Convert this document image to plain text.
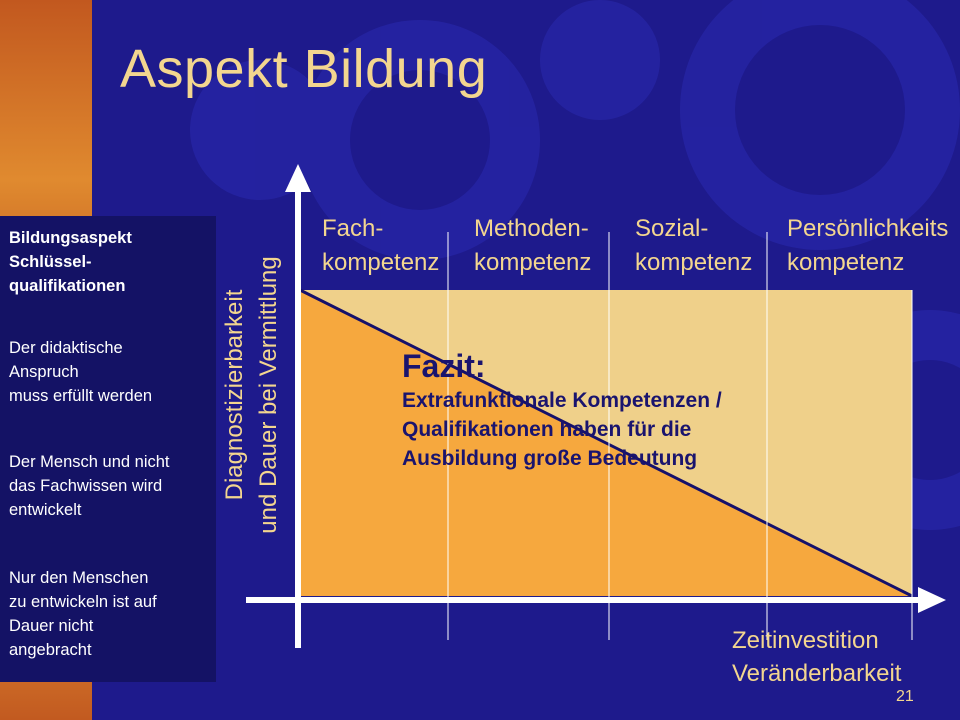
Aspekt Bildung
Fach-
kompetenz
Methoden-
kompetenz
Sozial-
kompetenz
Persönlichkeits
kompetenz
Diagnostizierbarkeit und Dauer bei Vermittlung	Fazit:
Extrafunktionale Kompetenzen /
Qualifikationen haben für die
Ausbildung große Bedeutung
Zeitinvestition
Veränderbarkeit
Bildungsaspekt
Schlüssel-
qualifikationen
Der didaktische
Anspruch
muss erfüllt werden
Der Mensch und nicht
das Fachwissen wird
entwickelt
Nur den Menschen
zu entwickeln ist auf
Dauer nicht
angebracht
21
